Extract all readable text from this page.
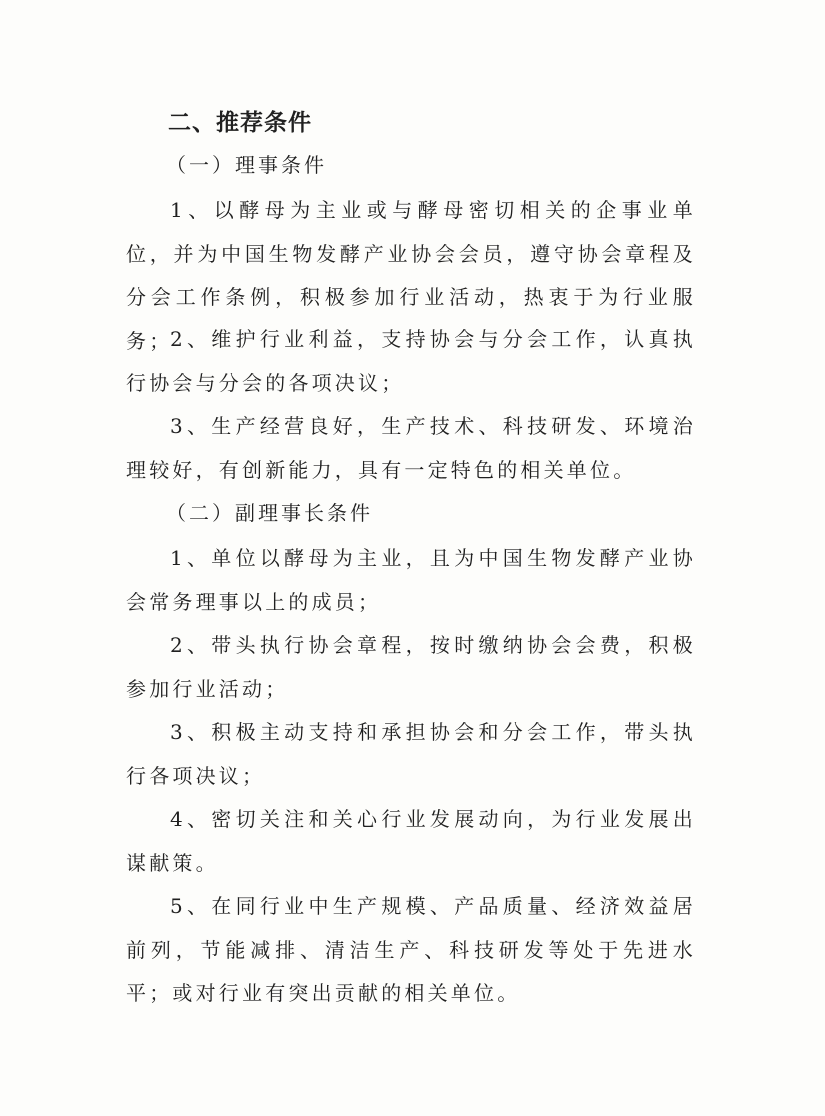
二、推荐条件
（一）理事条件

1、以酵母为主业或与酵母密切相关的企事业单位，并为中国生物发酵产业协会会员，遵守协会章程及分会工作条例，积极参加行业活动，热衷于为行业服务；

2、维护行业利益，支持协会与分会工作，认真执行协会与分会的各项决议；

3、生产经营良好，生产技术、科技研发、环境治理较好，有创新能力，具有一定特色的相关单位。

（二）副理事长条件

1、单位以酵母为主业，且为中国生物发酵产业协会常务理事以上的成员；

2、带头执行协会章程，按时缴纳协会会费，积极参加行业活动；

3、积极主动支持和承担协会和分会工作，带头执行各项决议；

4、密切关注和关心行业发展动向，为行业发展出谋献策。

5、在同行业中生产规模、产品质量、经济效益居前列，节能减排、清洁生产、科技研发等处于先进水平；或对行业有突出贡献的相关单位。
